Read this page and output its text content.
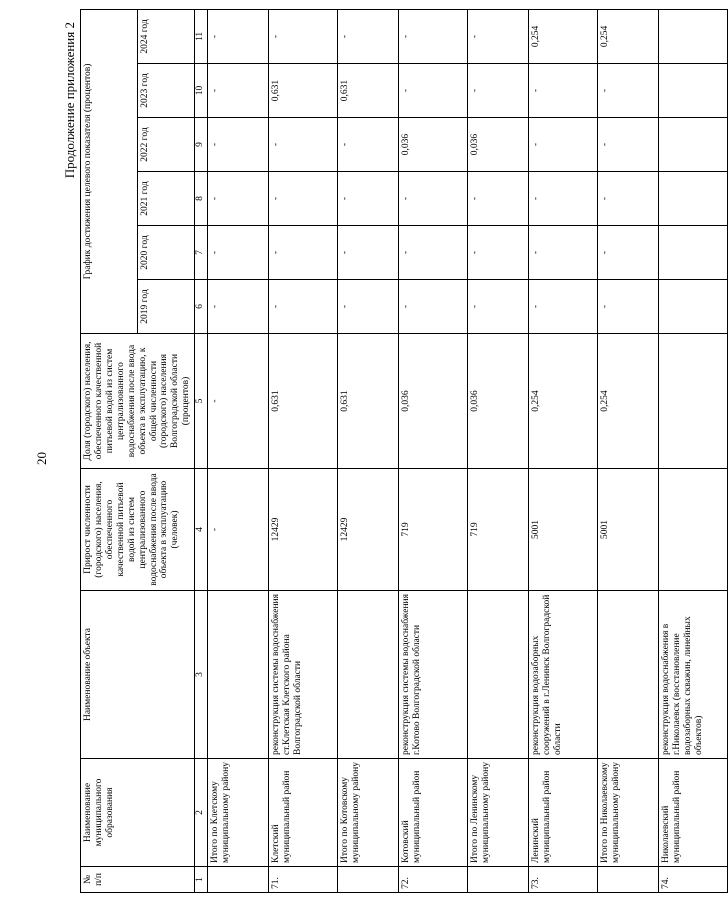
20
Продолжение приложения 2
№ п/п	Наименование муниципального образования	Наименование объекта	Прирост численности (городского) населения, обеспеченного качественной питьевой водой из систем централизованного водоснабжения после ввода объекта в эксплуатацию (человек)	Доля (городского) населения, обеспеченного качественной питьевой водой из систем централизованного водоснабжения после ввода объекта в эксплуатацию, к общей численности (городского) населения Волгоградской области (процентов)	График достижения целевого показателя (процентов)					
					2019 год	2020 год	2021 год	2022 год	2023 год	2024 год
1	2	3	4	5	6	7	8	9	10	11
	Итого по Клетскому муниципальному району		-	-	-	-	-	-	-	-
71.	Клетский муниципальный район	реконструкция системы водоснабжения ст.Клетская Клетского района Волгоградской области	12429	0,631	-	-	-	-	0,631	-
	Итого по Котовскому муниципальному району		12429	0,631	-	-	-	-	0,631	-
72.	Котовский муниципальный район	реконструкция системы водоснабжения г.Котово Волгоградской области	719	0,036	-	-	-	0,036	-	-
	Итого по Ленинскому муниципальному району		719	0,036	-	-	-	0,036	-	-
73.	Ленинский муниципальный район	реконструкция водозаборных сооружений в г.Ленинск Волгоградской области	5001	0,254	-	-	-	-	-	0,254
	Итого по Николаевскому муниципальному району		5001	0,254	-	-	-	-	-	0,254
74.	Николаевский муниципальный район	реконструкция водоснабжения в г.Николаевск (восстановление водозаборных скважин, линейных объектов)								
